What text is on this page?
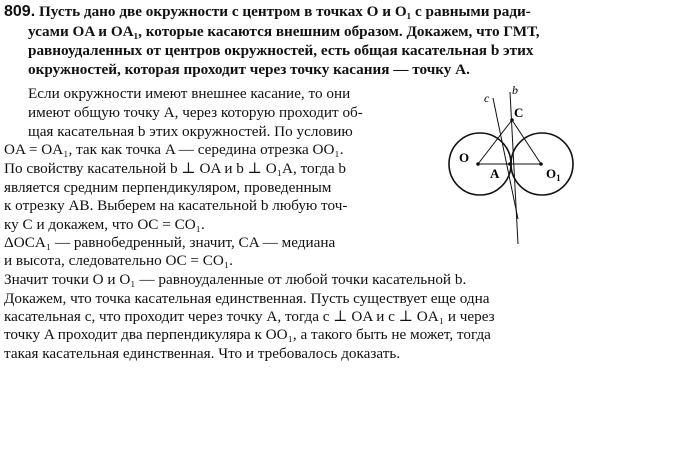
809. Пусть дано две окружности с центром в точках O и O₁ с равными ради-
усами OA и OA₁, которые касаются внешним образом. Докажем, что ГМТ,
равноудаленных от центров окружностей, есть общая касательная b этих
окружностей, которая проходит через точку касания — точку A.
Если окружности имеют внешнее касание, то они
имеют общую точку A, через которую проходит об-
щая касательная b этих окружностей. По условию
OA = OA₁, так как точка A — середина отрезка OO₁.
По свойству касательной b ⊥ OA и b ⊥ O₁A, тогда b
является средним перпендикуляром, проведенным
к отрезку AB. Выберем на касательной b любую точ-
ку C и докажем, что OC = CO₁.
ΔOCA₁ — равнобедренный, значит, CA — медиана
и высота, следовательно OC = CO₁.
Значит точки O и O₁ — равноудаленные от любой точки касательной b.
Докажем, что точка касательная единственная. Пусть существует еще одна
касательная c, что проходит через точку A, тогда c ⊥ OA и c ⊥ OA₁ и через
точку A проходит два перпендикуляра к OO₁, а такого быть не может, тогда
такая касательная единственная. Что и требовалось доказать.
c
b
C
O
A	$O_1$
